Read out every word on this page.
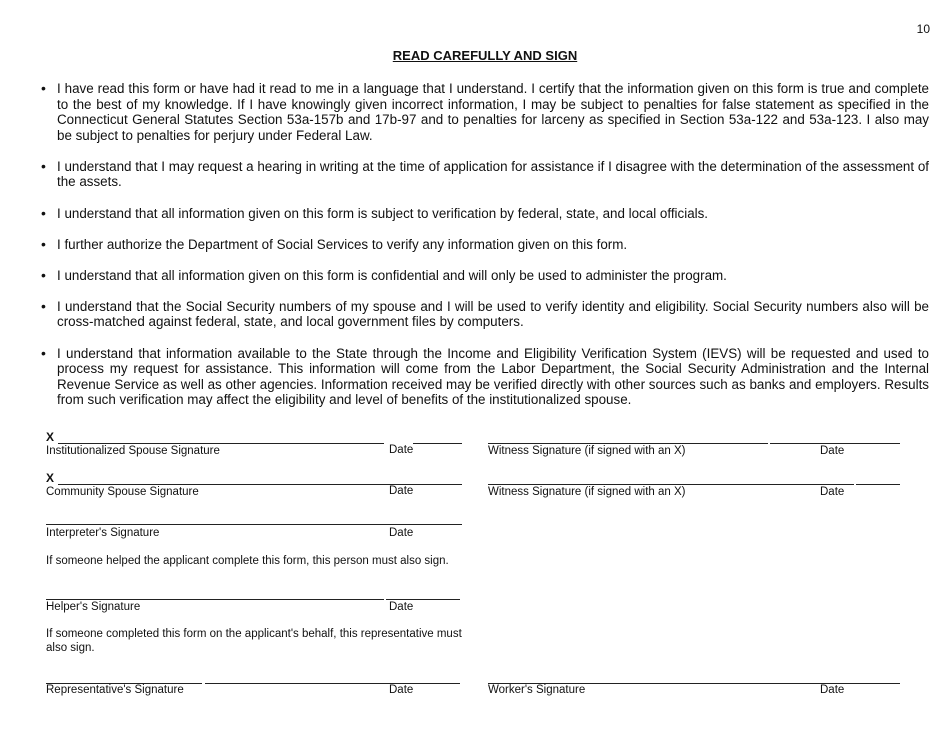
10
READ CAREFULLY AND SIGN
• I have read this form or have had it read to me in a language that I understand. I certify that the information given on this form is true and complete to the best of my knowledge. If I have knowingly given incorrect information, I may be subject to penalties for false statement as specified in the Connecticut General Statutes Section 53a-157b and 17b-97 and to penalties for larceny as specified in Section 53a-122 and 53a-123. I also may be subject to penalties for perjury under Federal Law.
• I understand that I may request a hearing in writing at the time of application for assistance if I disagree with the determination of the assessment of the assets.
• I understand that all information given on this form is subject to verification by federal, state, and local officials.
• I further authorize the Department of Social Services to verify any information given on this form.
• I understand that all information given on this form is confidential and will only be used to administer the program.
• I understand that the Social Security numbers of my spouse and I will be used to verify identity and eligibility. Social Security numbers also will be cross-matched against federal, state, and local government files by computers.
• I understand that information available to the State through the Income and Eligibility Verification System (IEVS) will be requested and used to process my request for assistance. This information will come from the Labor Department, the Social Security Administration and the Internal Revenue Service as well as other agencies. Information received may be verified directly with other sources such as banks and employers. Results from such verification may affect the eligibility and level of benefits of the institutionalized spouse.
X
Institutionalized Spouse Signature	Date	Witness Signature (if signed with an X)	Date
X
Community Spouse Signature	Date	Witness Signature (if signed with an X)	Date
Interpreter's Signature	Date
If someone helped the applicant complete this form, this person must also sign.
Helper's Signature	Date
If someone completed this form on the applicant's behalf, this representative must also sign.
Representative's Signature	Date	Worker's Signature	Date
